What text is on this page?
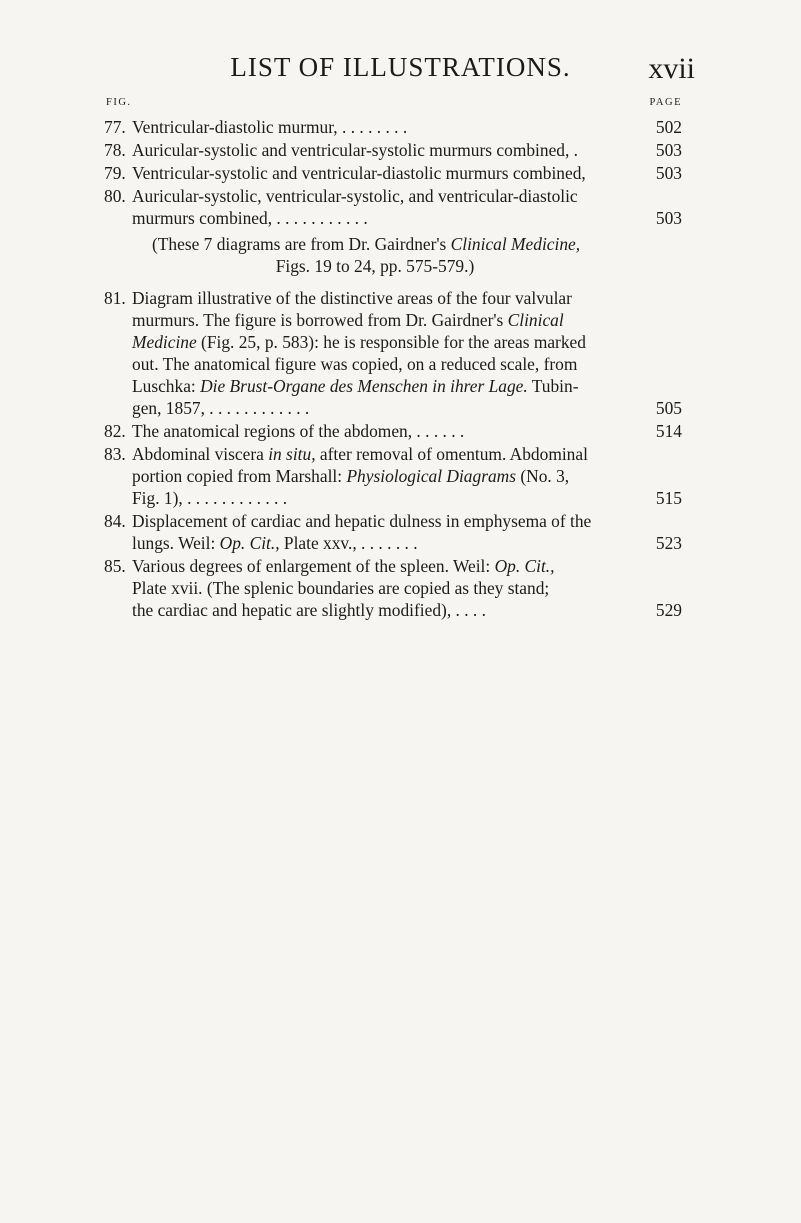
LIST OF ILLUSTRATIONS.	xvii
FIG.	PAGE
77. Ventricular-diastolic murmur, . . . . . . . .	502
78. Auricular-systolic and ventricular-systolic murmurs combined, .	503
79. Ventricular-systolic and ventricular-diastolic murmurs combined,	503
80. Auricular-systolic, ventricular-systolic, and ventricular-diastolic
murmurs combined, . . . . . . . . . . .	503
(These 7 diagrams are from Dr. Gairdner's Clinical Medicine,
Figs. 19 to 24, pp. 575-579.)
81. Diagram illustrative of the distinctive areas of the four valvular
murmurs. The figure is borrowed from Dr. Gairdner's Clinical
Medicine (Fig. 25, p. 583): he is responsible for the areas marked
out. The anatomical figure was copied, on a reduced scale, from
Luschka: Die Brust-Organe des Menschen in ihrer Lage. Tubin-
gen, 1857, . . . . . . . . . . . .	505
82. The anatomical regions of the abdomen, . . . . . .	514
83. Abdominal viscera in situ, after removal of omentum. Abdominal
portion copied from Marshall: Physiological Diagrams (No. 3,
Fig. 1), . . . . . . . . . . . .	515
84. Displacement of cardiac and hepatic dulness in emphysema of the
lungs. Weil: Op. Cit., Plate xxv., . . . . . . .	523
85. Various degrees of enlargement of the spleen. Weil: Op. Cit.,
Plate xvii. (The splenic boundaries are copied as they stand;
the cardiac and hepatic are slightly modified), . . . .	529
